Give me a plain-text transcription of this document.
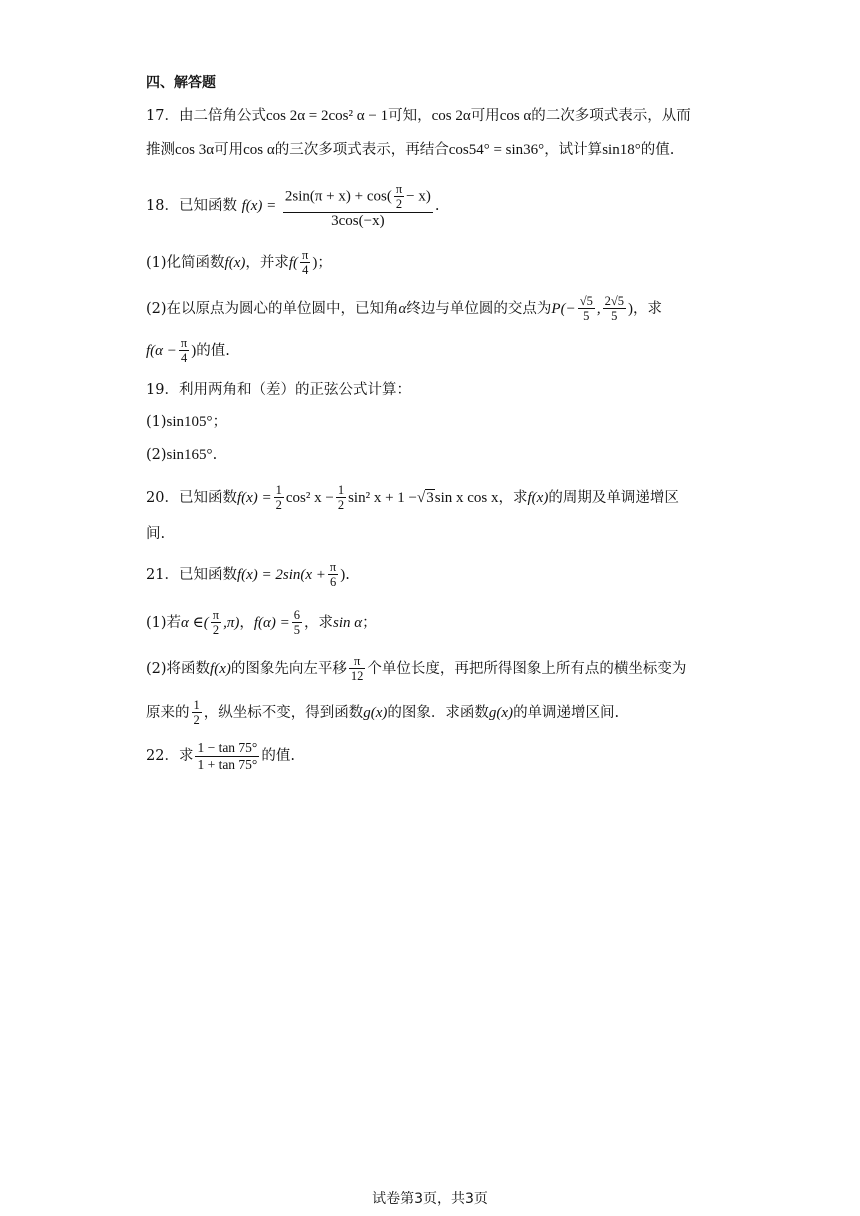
四、解答题
17．由二倍角公式cos 2α = 2cos² α − 1可知，cos 2α可用cos α的二次多项式表示，从而
推测cos 3α可用cos α的三次多项式表示，再结合cos54° = sin36°，试计算sin18°的值.
18．已知函数 $f(x) = \frac{2\sin(\pi + x) + \cos( \frac{\pi}{2} - x)}{3\cos(-x)}$ .
(1)化简函数f(x)，并求$f( \frac{\pi}{4}$ )；
(2)在以原点为圆心的单位圆中，已知角α终边与单位圆的交点为$P(- \frac{√5}{5}$ , $\frac{2√5}{5}$ )，求
$f(\alpha - \frac{\pi}{4}$ )的值.
19．利用两角和（差）的正弦公式计算：
(1)sin105°；
(2)sin165°.
20．已知函数$f(x) = \frac{1}{2} \cos^2$ $x - \frac{1}{2} \sin^2$ x + 1 −√3sin x cos x，求f(x)的周期及单调递增区
间.
21．已知函数$f(x) = 2\sin(x + \frac{\pi}{6}$ ).
(1)若α ∈( $\frac{\pi}{2} ,\pi$)，$f(\alpha) = \frac{6}{5}$ ，求sin α；
(2)将函数f(x)的图象先向左平移 $\frac{\pi}{12}$ 个单位长度，再把所得图象上所有点的横坐标变为
原来的 $\frac{1}{2}$ ，纵坐标不变，得到函数g(x)的图象．求函数g(x)的单调递增区间.
22．求 $\frac{1 - \tan 75^\circ}{1 + \tan 75^\circ}$ 的值.
试卷第3页，共3页
